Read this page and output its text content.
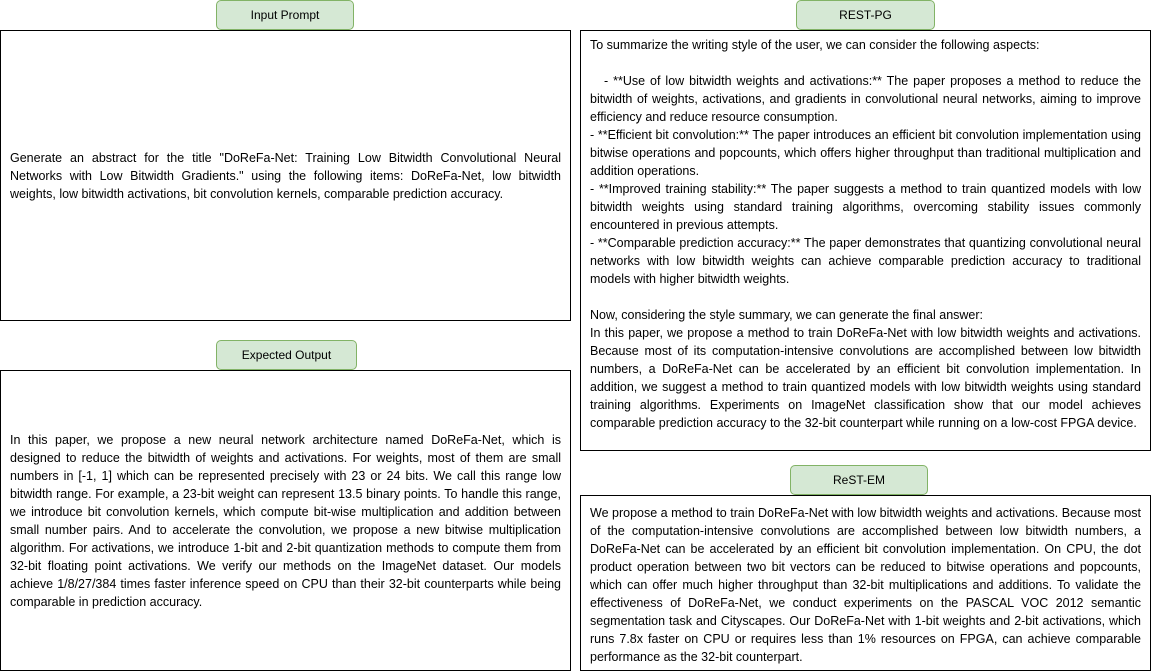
Input Prompt

Generate an abstract for the title "DoReFa-Net: Training Low Bitwidth Convolutional Neural Networks with Low Bitwidth Gradients." using the following items: DoReFa-Net, low bitwidth weights, low bitwidth activations, bit convolution kernels, comparable prediction accuracy.

Expected Output

In this paper, we propose a new neural network architecture named DoReFa-Net, which is designed to reduce the bitwidth of weights and activations. For weights, most of them are small numbers in [-1, 1] which can be represented precisely with 23 or 24 bits. We call this range low bitwidth range. For example, a 23-bit weight can represent 13.5 binary points. To handle this range, we introduce bit convolution kernels, which compute bit-wise multiplication and addition between small number pairs. And to accelerate the convolution, we propose a new bitwise multiplication algorithm. For activations, we introduce 1-bit and 2-bit quantization methods to compute them from 32-bit floating point activations. We verify our methods on the ImageNet dataset. Our models achieve 1/8/27/384 times faster inference speed on CPU than their 32-bit counterparts while being comparable in prediction accuracy.

REST-PG

To summarize the writing style of the user, we can consider the following aspects:

- **Use of low bitwidth weights and activations:** The paper proposes a method to reduce the bitwidth of weights, activations, and gradients in convolutional neural networks, aiming to improve efficiency and reduce resource consumption.

- **Efficient bit convolution:** The paper introduces an efficient bit convolution implementation using bitwise operations and popcounts, which offers higher throughput than traditional multiplication and addition operations.

- **Improved training stability:** The paper suggests a method to train quantized models with low bitwidth weights using standard training algorithms, overcoming stability issues commonly encountered in previous attempts.

- **Comparable prediction accuracy:** The paper demonstrates that quantizing convolutional neural networks with low bitwidth weights can achieve comparable prediction accuracy to traditional models with higher bitwidth weights.

Now, considering the style summary, we can generate the final answer:

In this paper, we propose a method to train DoReFa-Net with low bitwidth weights and activations. Because most of its computation-intensive convolutions are accomplished between low bitwidth numbers, a DoReFa-Net can be accelerated by an efficient bit convolution implementation. In addition, we suggest a method to train quantized models with low bitwidth weights using standard training algorithms. Experiments on ImageNet classification show that our model achieves comparable prediction accuracy to the 32-bit counterpart while running on a low-cost FPGA device.

ReST-EM

We propose a method to train DoReFa-Net with low bitwidth weights and activations. Because most of the computation-intensive convolutions are accomplished between low bitwidth numbers, a DoReFa-Net can be accelerated by an efficient bit convolution implementation. On CPU, the dot product operation between two bit vectors can be reduced to bitwise operations and popcounts, which can offer much higher throughput than 32-bit multiplications and additions. To validate the effectiveness of DoReFa-Net, we conduct experiments on the PASCAL VOC 2012 semantic segmentation task and Cityscapes. Our DoReFa-Net with 1-bit weights and 2-bit activations, which runs 7.8x faster on CPU or requires less than 1% resources on FPGA, can achieve comparable performance as the 32-bit counterpart.
